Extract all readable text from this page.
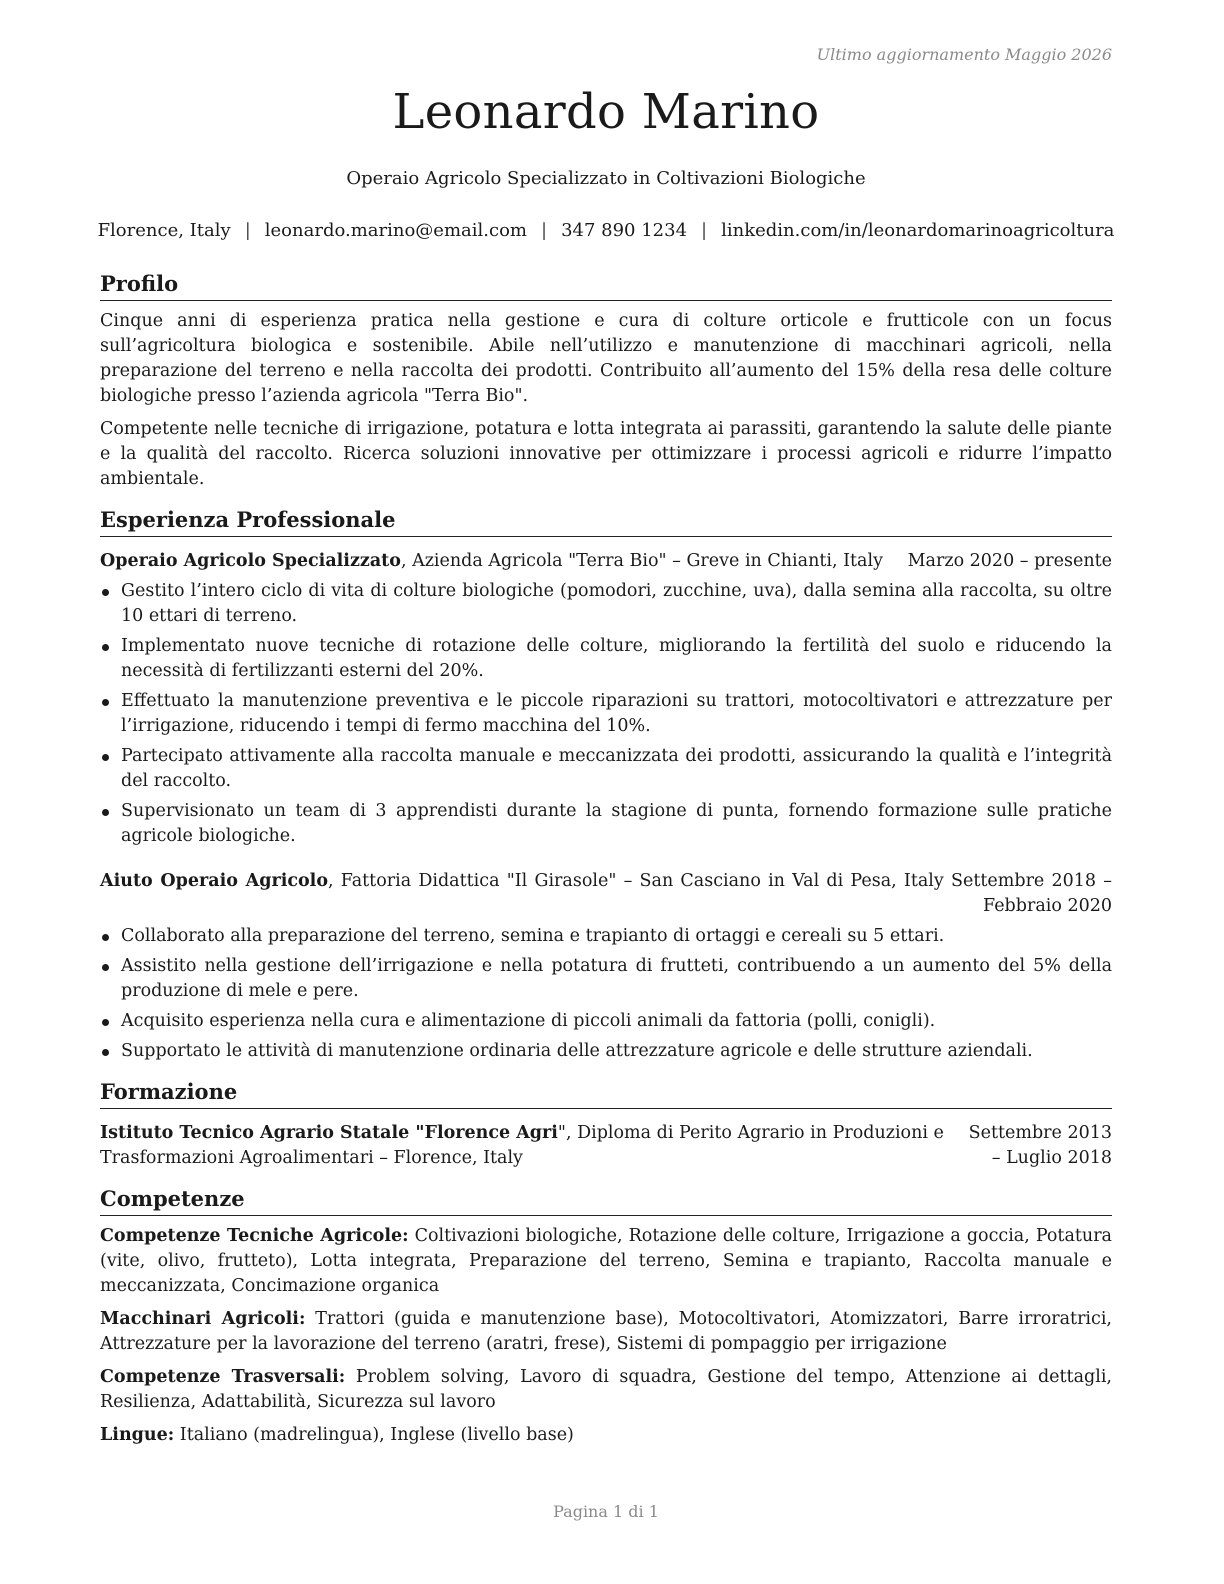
Ultimo aggiornamento Maggio 2026
Leonardo Marino
Operaio Agricolo Specializzato in Coltivazioni Biologiche
Florence, Italy | leonardo.marino@email.com | 347 890 1234 | linkedin.com/in/leonardomarinoagricoltura
Profilo

Cinque anni di esperienza pratica nella gestione e cura di colture orticole e frutticole con un focus sull’agricoltura biologica e sostenibile. Abile nell’utilizzo e manutenzione di macchinari agricoli, nella preparazione del terreno e nella raccolta dei prodotti. Contribuito all’aumento del 15% della resa delle colture biologiche presso l’azienda agricola "Terra Bio".

Competente nelle tecniche di irrigazione, potatura e lotta integrata ai parassiti, garantendo la salute delle piante e la qualità del raccolto. Ricerca soluzioni innovative per ottimizzare i processi agricoli e ridurre l’impatto ambientale.

Esperienza Professionale
Operaio Agricolo Specializzato, Azienda Agricola "Terra Bio" – Greve in Chianti, Italy Marzo 2020 – presente
Gestito l’intero ciclo di vita di colture biologiche (pomodori, zucchine, uva), dalla semina alla raccolta, su oltre 10 ettari di terreno.
Implementato nuove tecniche di rotazione delle colture, migliorando la fertilità del suolo e riducendo la necessità di fertilizzanti esterni del 20%.
Effettuato la manutenzione preventiva e le piccole riparazioni su trattori, motocoltivatori e attrezzature per l’irrigazione, riducendo i tempi di fermo macchina del 10%.
Partecipato attivamente alla raccolta manuale e meccanizzata dei prodotti, assicurando la qualità e l’integrità del raccolto.
Supervisionato un team di 3 apprendisti durante la stagione di punta, fornendo formazione sulle pratiche agricole biologiche.
Aiuto Operaio Agricolo, Fattoria Didattica "Il Girasole" – San Casciano in Val di Pesa, Italy Settembre 2018 – Febbraio 2020
Collaborato alla preparazione del terreno, semina e trapianto di ortaggi e cereali su 5 ettari.
Assistito nella gestione dell’irrigazione e nella potatura di frutteti, contribuendo a un aumento del 5% della produzione di mele e pere.
Acquisito esperienza nella cura e alimentazione di piccoli animali da fattoria (polli, conigli).
Supportato le attività di manutenzione ordinaria delle attrezzature agricole e delle strutture aziendali.
Formazione
Istituto Tecnico Agrario Statale "Florence Agri", Diploma di Perito Agrario in Produzioni e Trasformazioni Agroalimentari – Florence, Italy
Settembre 2013 – Luglio 2018
Competenze
Competenze Tecniche Agricole: Coltivazioni biologiche, Rotazione delle colture, Irrigazione a goccia, Potatura (vite, olivo, frutteto), Lotta integrata, Preparazione del terreno, Semina e trapianto, Raccolta manuale e meccanizzata, Concimazione organica
Macchinari Agricoli: Trattori (guida e manutenzione base), Motocoltivatori, Atomizzatori, Barre irroratrici, Attrezzature per la lavorazione del terreno (aratri, frese), Sistemi di pompaggio per irrigazione
Competenze Trasversali: Problem solving, Lavoro di squadra, Gestione del tempo, Attenzione ai dettagli, Resilienza, Adattabilità, Sicurezza sul lavoro
Lingue: Italiano (madrelingua), Inglese (livello base)
Pagina 1 di 1
